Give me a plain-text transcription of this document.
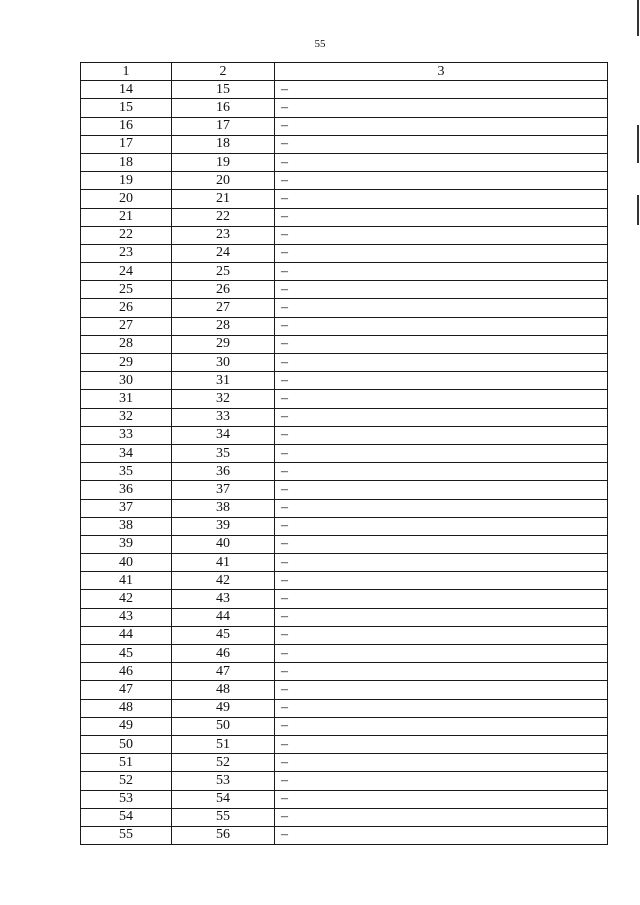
55
1	2	3
14	15	–
15	16	–
16	17	–
17	18	–
18	19	–
19	20	–
20	21	–
21	22	–
22	23	–
23	24	–
24	25	–
25	26	–
26	27	–
27	28	–
28	29	–
29	30	–
30	31	–
31	32	–
32	33	–
33	34	–
34	35	–
35	36	–
36	37	–
37	38	–
38	39	–
39	40	–
40	41	–
41	42	–
42	43	–
43	44	–
44	45	–
45	46	–
46	47	–
47	48	–
48	49	–
49	50	–
50	51	–
51	52	–
52	53	–
53	54	–
54	55	–
55	56	–
